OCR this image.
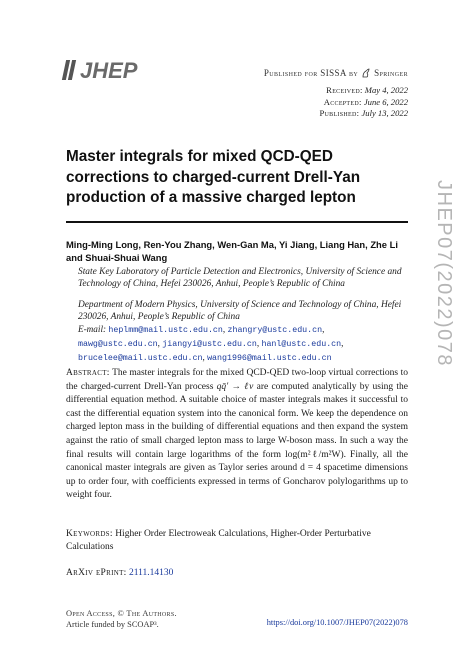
JHEP	Published for SISSA by Springer
Received: May 4, 2022
Accepted: June 6, 2022
Published: July 13, 2022
Master integrals for mixed QCD-QED corrections to charged-current Drell-Yan production of a massive charged lepton	JHEP07(2022)078
Ming-Ming Long, Ren-You Zhang, Wen-Gan Ma, Yi Jiang, Liang Han, Zhe Li and Shuai-Shuai Wang
State Key Laboratory of Particle Detection and Electronics, University of Science and Technology of China, Hefei 230026, Anhui, People’s Republic of China
Department of Modern Physics, University of Science and Technology of China, Hefei 230026, Anhui, People’s Republic of China
E-mail: heplmm@mail.ustc.edu.cn, zhangry@ustc.edu.cn,
mawg@ustc.edu.cn, jiangyi@ustc.edu.cn, hanl@ustc.edu.cn,
brucelee@mail.ustc.edu.cn, wang1996@mail.ustc.edu.cn
Abstract: The master integrals for the mixed QCD-QED two-loop virtual corrections to the charged-current Drell-Yan process qq̄′ → ℓν are computed analytically by using the differential equation method. A suitable choice of master integrals makes it successful to cast the differential equation system into the canonical form. We keep the dependence on charged lepton mass in the building of differential equations and then expand the system against the ratio of small charged lepton mass to large W-boson mass. In such a way the final results will contain large logarithms of the form log(m²ℓ/m²W). Finally, all the canonical master integrals are given as Taylor series around d = 4 spacetime dimensions up to order four, with coefficients expressed in terms of Goncharov polylogarithms up to weight four.
Keywords: Higher Order Electroweak Calculations, Higher-Order Perturbative Calculations
ArXiv ePrint: 2111.14130
Open Access, © The Authors.
Article funded by SCOAP³.	https://doi.org/10.1007/JHEP07(2022)078
